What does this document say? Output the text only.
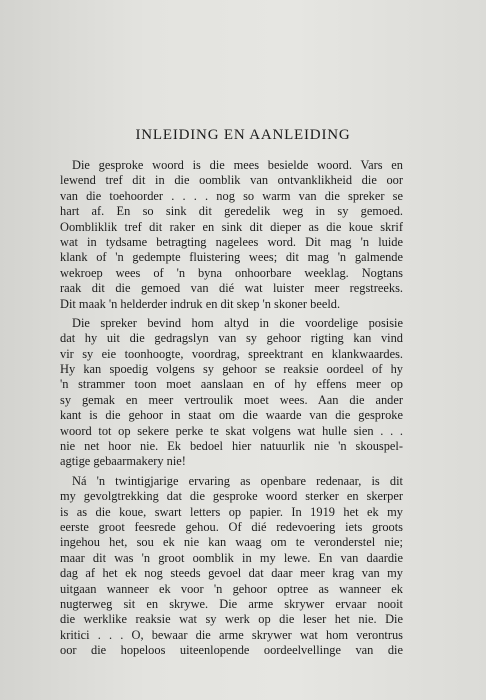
INLEIDING EN AANLEIDING
Die gesproke woord is die mees besielde woord. Vars en
lewend tref dit in die oomblik van ontvanklikheid die oor
van die toehoorder . . . . nog so warm van die spreker se
hart af. En so sink dit geredelik weg in sy gemoed.
Oombliklik tref dit raker en sink dit dieper as die koue skrif
wat in tydsame betragting nagelees word. Dit mag 'n luide
klank of 'n gedempte fluistering wees; dit mag 'n galmende
wekroep wees of 'n byna onhoorbare weeklag. Nogtans
raak dit die gemoed van dié wat luister meer regstreeks.
Dit maak 'n helderder indruk en dit skep 'n skoner beeld.
Die spreker bevind hom altyd in die voordelige posisie
dat hy uit die gedragslyn van sy gehoor rigting kan vind
vir sy eie toonhoogte, voordrag, spreektrant en klankwaardes.
Hy kan spoedig volgens sy gehoor se reaksie oordeel of hy
'n strammer toon moet aanslaan en of hy effens meer op
sy gemak en meer vertroulik moet wees. Aan die ander
kant is die gehoor in staat om die waarde van die gesproke
woord tot op sekere perke te skat volgens wat hulle sien . . .
nie net hoor nie. Ek bedoel hier natuurlik nie 'n skouspel-
agtige gebaarmakery nie!
Ná 'n twintigjarige ervaring as openbare redenaar, is dit
my gevolgtrekking dat die gesproke woord sterker en skerper
is as die koue, swart letters op papier. In 1919 het ek my
eerste groot feesrede gehou. Of dié redevoering iets groots
ingehou het, sou ek nie kan waag om te veronderstel nie;
maar dit was 'n groot oomblik in my lewe. En van daardie
dag af het ek nog steeds gevoel dat daar meer krag van my
uitgaan wanneer ek voor 'n gehoor optree as wanneer ek
nugterweg sit en skrywe. Die arme skrywer ervaar nooit
die werklike reaksie wat sy werk op die leser het nie. Die
kritici . . . O, bewaar die arme skrywer wat hom verontrus
oor die hopeloos uiteenlopende oordeelvellinge van die
